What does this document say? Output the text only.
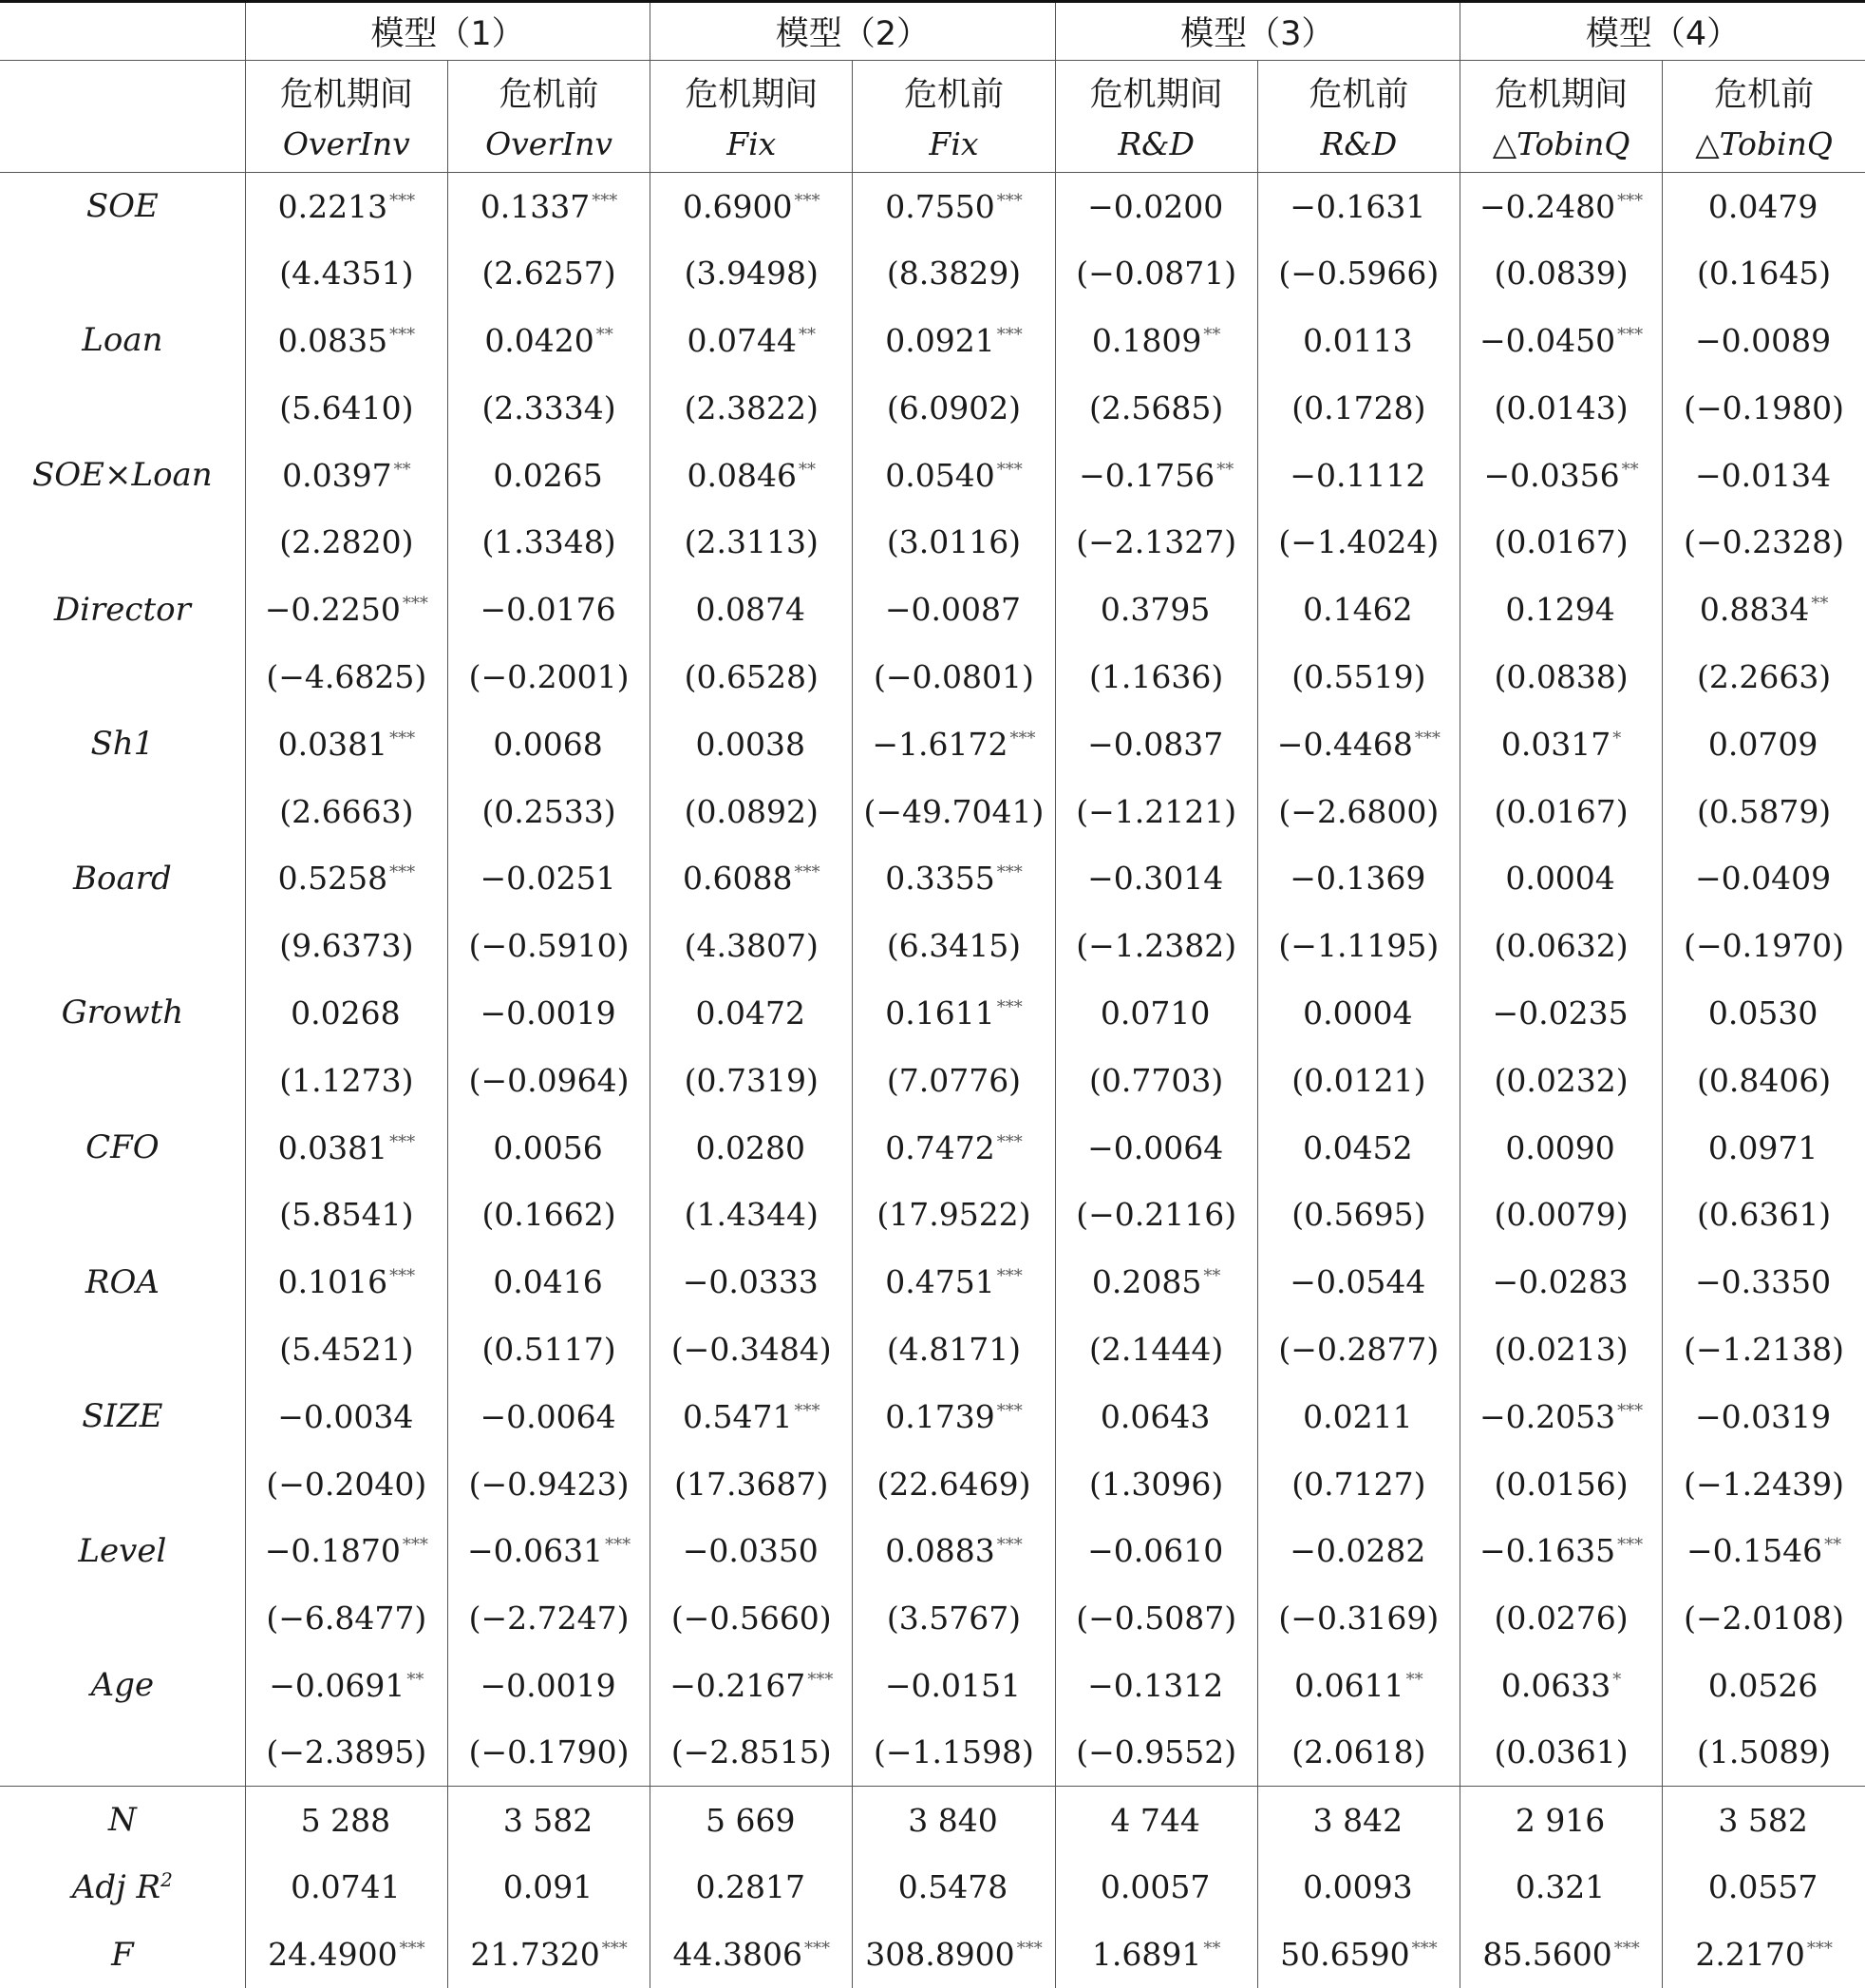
	模型（1）		模型（2）		模型（3）		模型（4）	
	危机期间	危机前	危机期间	危机前	危机期间	危机前	危机期间	危机前
	OverInv	OverInv	Fix	Fix	R&D	R&D	△TobinQ	△TobinQ
SOE	0.2213 ***	0.1337 ***	0.6900 ***	0.7550 ***	−0.0200	−0.1631	−0.2480 ***	0.0479
	(4.4351)	(2.6257)	(3.9498)	(8.3829)	(−0.0871)	(−0.5966)	(0.0839)	(0.1645)
Loan	0.0835 ***	0.0420 **	0.0744 **	0.0921 ***	0.1809 **	0.0113	−0.0450 ***	−0.0089
	(5.6410)	(2.3334)	(2.3822)	(6.0902)	(2.5685)	(0.1728)	(0.0143)	(−0.1980)
SOE×Loan	0.0397 **	0.0265	0.0846 **	0.0540 ***	−0.1756 **	−0.1112	−0.0356 **	−0.0134
	(2.2820)	(1.3348)	(2.3113)	(3.0116)	(−2.1327)	(−1.4024)	(0.0167)	(−0.2328)
Director	−0.2250 ***	−0.0176	0.0874	−0.0087	0.3795	0.1462	0.1294	0.8834 **
	(−4.6825)	(−0.2001)	(0.6528)	(−0.0801)	(1.1636)	(0.5519)	(0.0838)	(2.2663)
Sh1	0.0381 ***	0.0068	0.0038	−1.6172 ***	−0.0837	−0.4468 ***	0.0317 *	0.0709
	(2.6663)	(0.2533)	(0.0892)	(−49.7041)	(−1.2121)	(−2.6800)	(0.0167)	(0.5879)
Board	0.5258 ***	−0.0251	0.6088 ***	0.3355 ***	−0.3014	−0.1369	0.0004	−0.0409
	(9.6373)	(−0.5910)	(4.3807)	(6.3415)	(−1.2382)	(−1.1195)	(0.0632)	(−0.1970)
Growth	0.0268	−0.0019	0.0472	0.1611 ***	0.0710	0.0004	−0.0235	0.0530
	(1.1273)	(−0.0964)	(0.7319)	(7.0776)	(0.7703)	(0.0121)	(0.0232)	(0.8406)
CFO	0.0381 ***	0.0056	0.0280	0.7472 ***	−0.0064	0.0452	0.0090	0.0971
	(5.8541)	(0.1662)	(1.4344)	(17.9522)	(−0.2116)	(0.5695)	(0.0079)	(0.6361)
ROA	0.1016 ***	0.0416	−0.0333	0.4751 ***	0.2085 **	−0.0544	−0.0283	−0.3350
	(5.4521)	(0.5117)	(−0.3484)	(4.8171)	(2.1444)	(−0.2877)	(0.0213)	(−1.2138)
SIZE	−0.0034	−0.0064	0.5471 ***	0.1739 ***	0.0643	0.0211	−0.2053 ***	−0.0319
	(−0.2040)	(−0.9423)	(17.3687)	(22.6469)	(1.3096)	(0.7127)	(0.0156)	(−1.2439)
Level	−0.1870 ***	−0.0631 ***	−0.0350	0.0883 ***	−0.0610	−0.0282	−0.1635 ***	−0.1546 **
	(−6.8477)	(−2.7247)	(−0.5660)	(3.5767)	(−0.5087)	(−0.3169)	(0.0276)	(−2.0108)
Age	−0.0691 **	−0.0019	−0.2167 ***	−0.0151	−0.1312	0.0611 **	0.0633 *	0.0526
	(−2.3895)	(−0.1790)	(−2.8515)	(−1.1598)	(−0.9552)	(2.0618)	(0.0361)	(1.5089)
N	5 288	3 582	5 669	3 840	4 744	3 842	2 916	3 582
Adj $R^2$	0.0741	0.091	0.2817	0.5478	0.0057	0.0093	0.321	0.0557
F	24.4900 ***	21.7320 ***	44.3806 ***	308.8900 ***	1.6891 **	50.6590 ***	85.5600 ***	2.2170 ***
